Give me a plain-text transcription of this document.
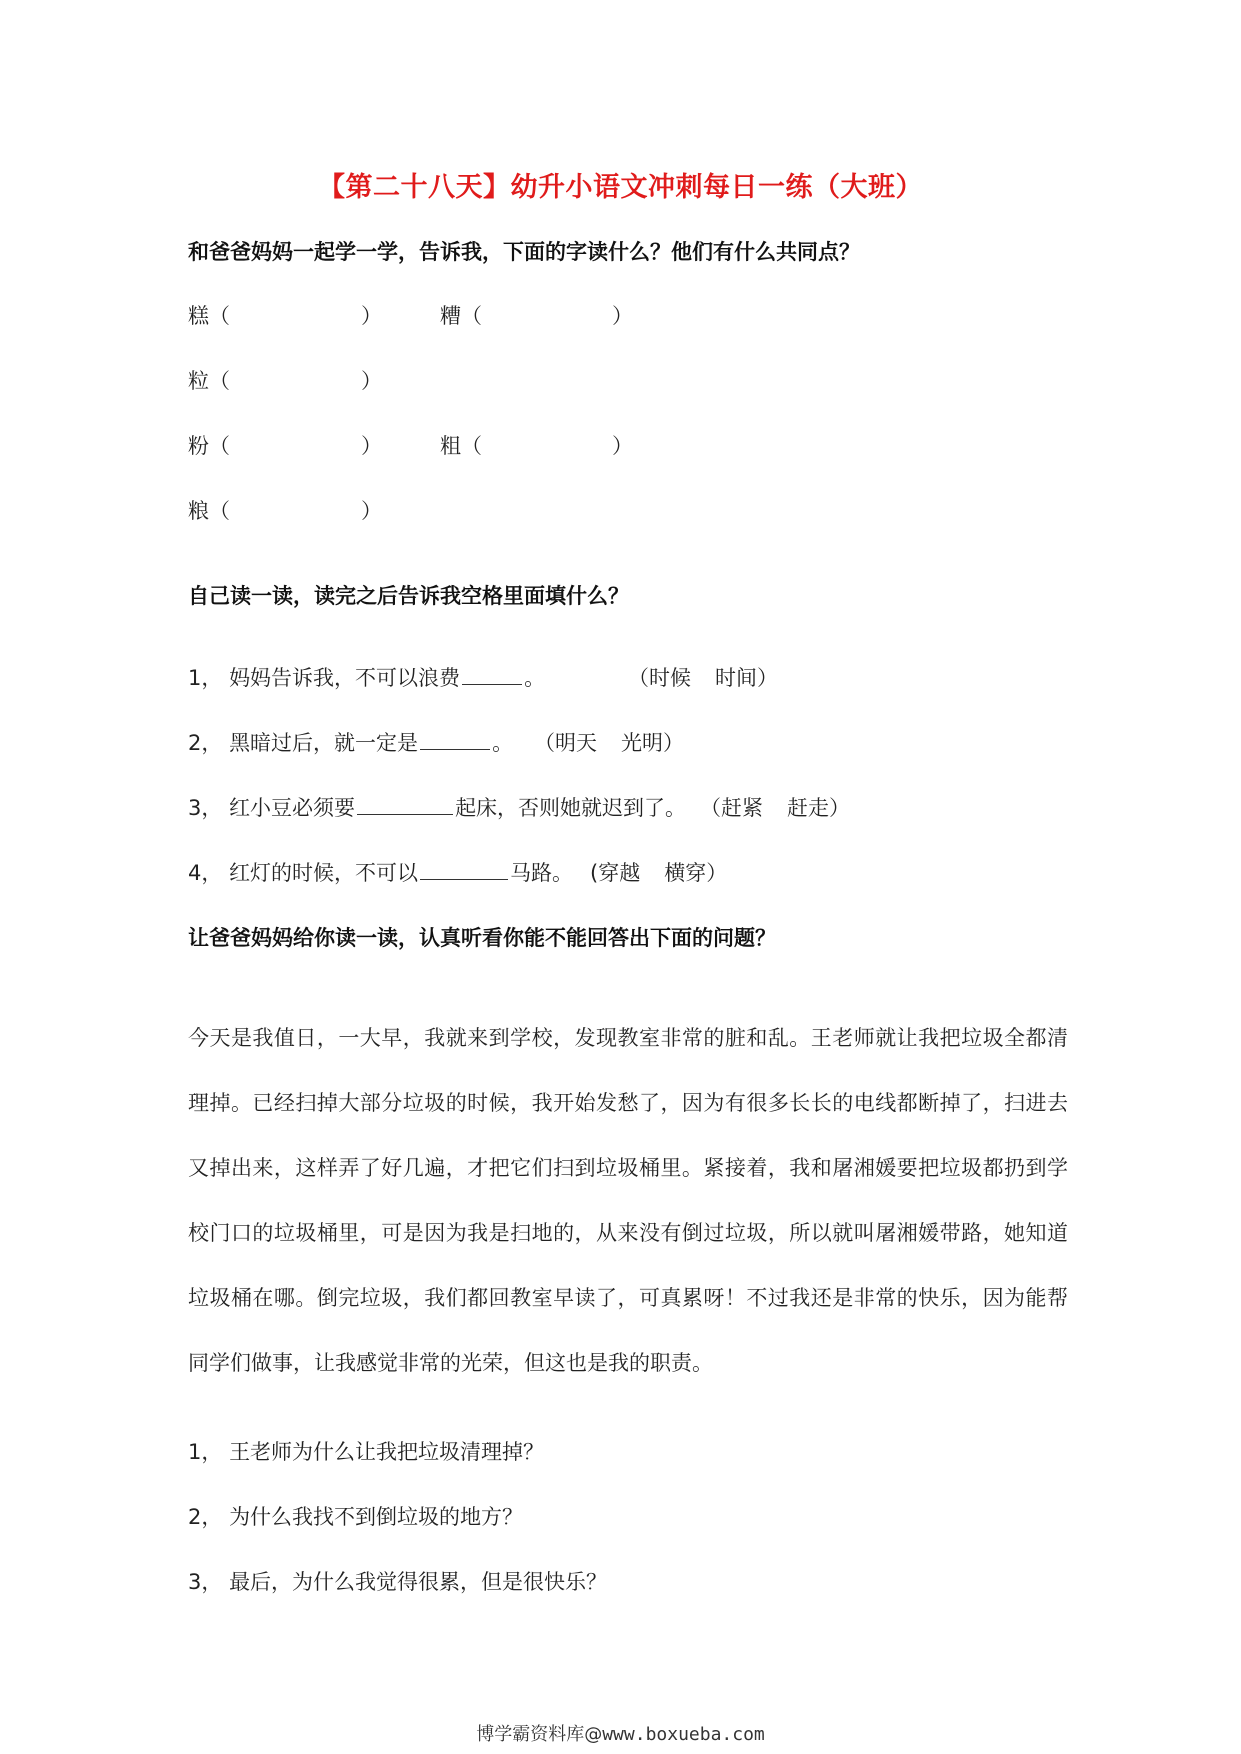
【第二十八天】幼升小语文冲刺每日一练（大班）
和爸爸妈妈一起学一学，告诉我，下面的字读什么？他们有什么共同点？
糕（	）	糟（	）
粒（	）
粉（	）	粗（	）
粮（	）
自己读一读，读完之后告诉我空格里面填什么？
1， 妈妈告诉我，不可以浪费	。	（时候 时间）
2， 黑暗过后，就一定是	。 （明天 光明）
3， 红小豆必须要	起床，否则她就迟到了。 （赶紧 赶走）
4， 红灯的时候，不可以	马路。 (穿越 横穿）
让爸爸妈妈给你读一读，认真听看你能不能回答出下面的问题？
今天是我值日，一大早，我就来到学校，发现教室非常的脏和乱。王老师就让我把垃圾全都清理掉。已经扫掉大部分垃圾的时候，我开始发愁了，因为有很多长长的电线都断掉了，扫进去又掉出来，这样弄了好几遍，才把它们扫到垃圾桶里。紧接着，我和屠湘媛要把垃圾都扔到学校门口的垃圾桶里，可是因为我是扫地的，从来没有倒过垃圾，所以就叫屠湘媛带路，她知道垃圾桶在哪。倒完垃圾，我们都回教室早读了，可真累呀！不过我还是非常的快乐，因为能帮同学们做事，让我感觉非常的光荣，但这也是我的职责。
1， 王老师为什么让我把垃圾清理掉？
2， 为什么我找不到倒垃圾的地方？
3， 最后，为什么我觉得很累，但是很快乐？
博学霸资料库@www.boxueba.com
